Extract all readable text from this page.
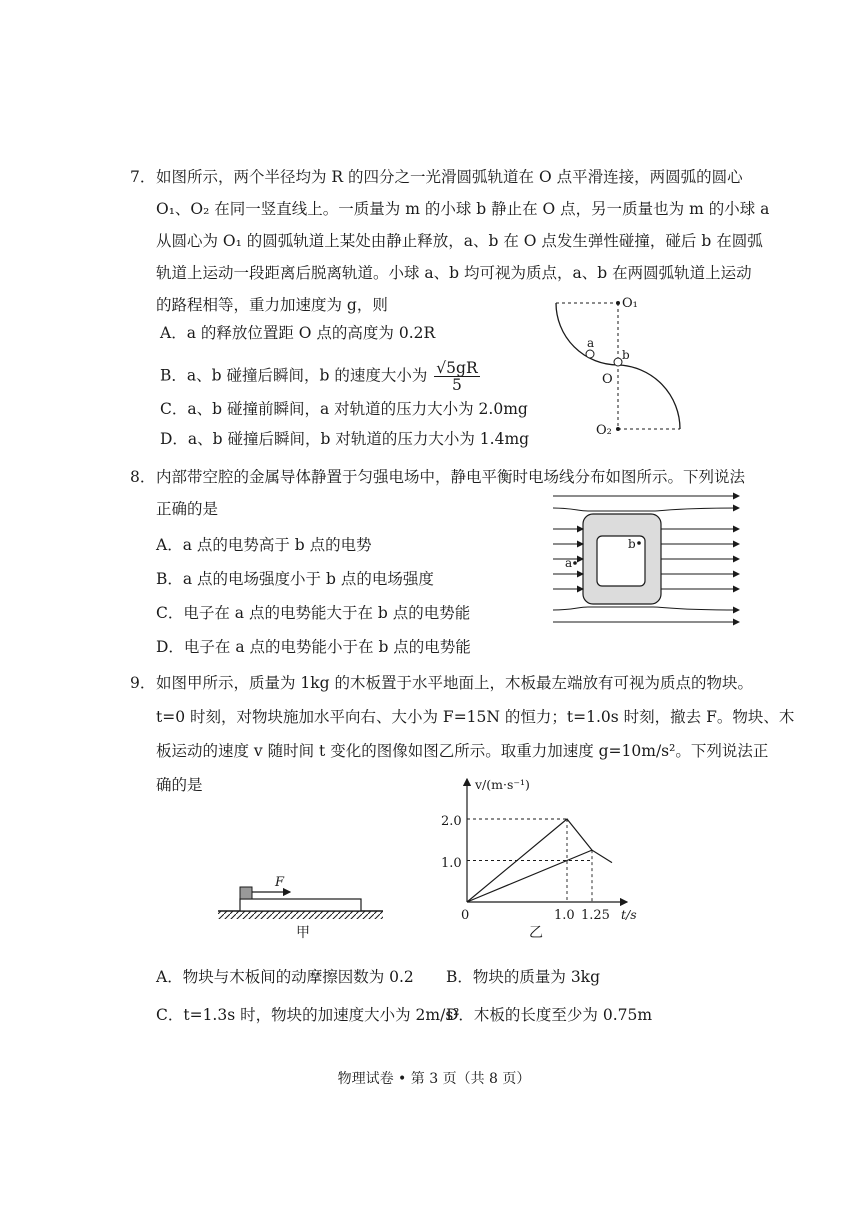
7． 如图所示，两个半径均为 R 的四分之一光滑圆弧轨道在 O 点平滑连接，两圆弧的圆心
O₁、O₂ 在同一竖直线上。一质量为 m 的小球 b 静止在 O 点，另一质量也为 m 的小球 a
从圆心为 O₁ 的圆弧轨道上某处由静止释放，a、b 在 O 点发生弹性碰撞，碰后 b 在圆弧
轨道上运动一段距离后脱离轨道。小球 a、b 均可视为质点，a、b 在两圆弧轨道上运动
的路程相等，重力加速度为 g，则
A．a 的释放位置距 O 点的高度为 0.2R
B．a、b 碰撞后瞬间，b 的速度大小为 $\frac{√5gR}{5}$
C．a、b 碰撞前瞬间，a 对轨道的压力大小为 2.0mg
D．a、b 碰撞后瞬间，b 对轨道的压力大小为 1.4mg
O₁
O₂
O
a
b
8． 内部带空腔的金属导体静置于匀强电场中，静电平衡时电场线分布如图所示。下列说法
正确的是
A．a 点的电势高于 b 点的电势
B．a 点的电场强度小于 b 点的电场强度
C．电子在 a 点的电势能大于在 b 点的电势能
D．电子在 a 点的电势能小于在 b 点的电势能
a
b
9． 如图甲所示，质量为 1kg 的木板置于水平地面上，木板最左端放有可视为质点的物块。
t=0 时刻，对物块施加水平向右、大小为 F=15N 的恒力；t=1.0s 时刻，撤去 F。物块、木
板运动的速度 v 随时间 t 变化的图像如图乙所示。取重力加速度 g=10m/s²。下列说法正
确的是
F
甲
v/(m·s⁻¹)
t/s
2.0
1.0
0	1.0 1.25
乙
A．物块与木板间的动摩擦因数为 0.2 B．物块的质量为 3kg
C．t=1.3s 时，物块的加速度大小为 2m/s²
D．木板的长度至少为 0.75m
物理试卷 • 第 3 页（共 8 页）
